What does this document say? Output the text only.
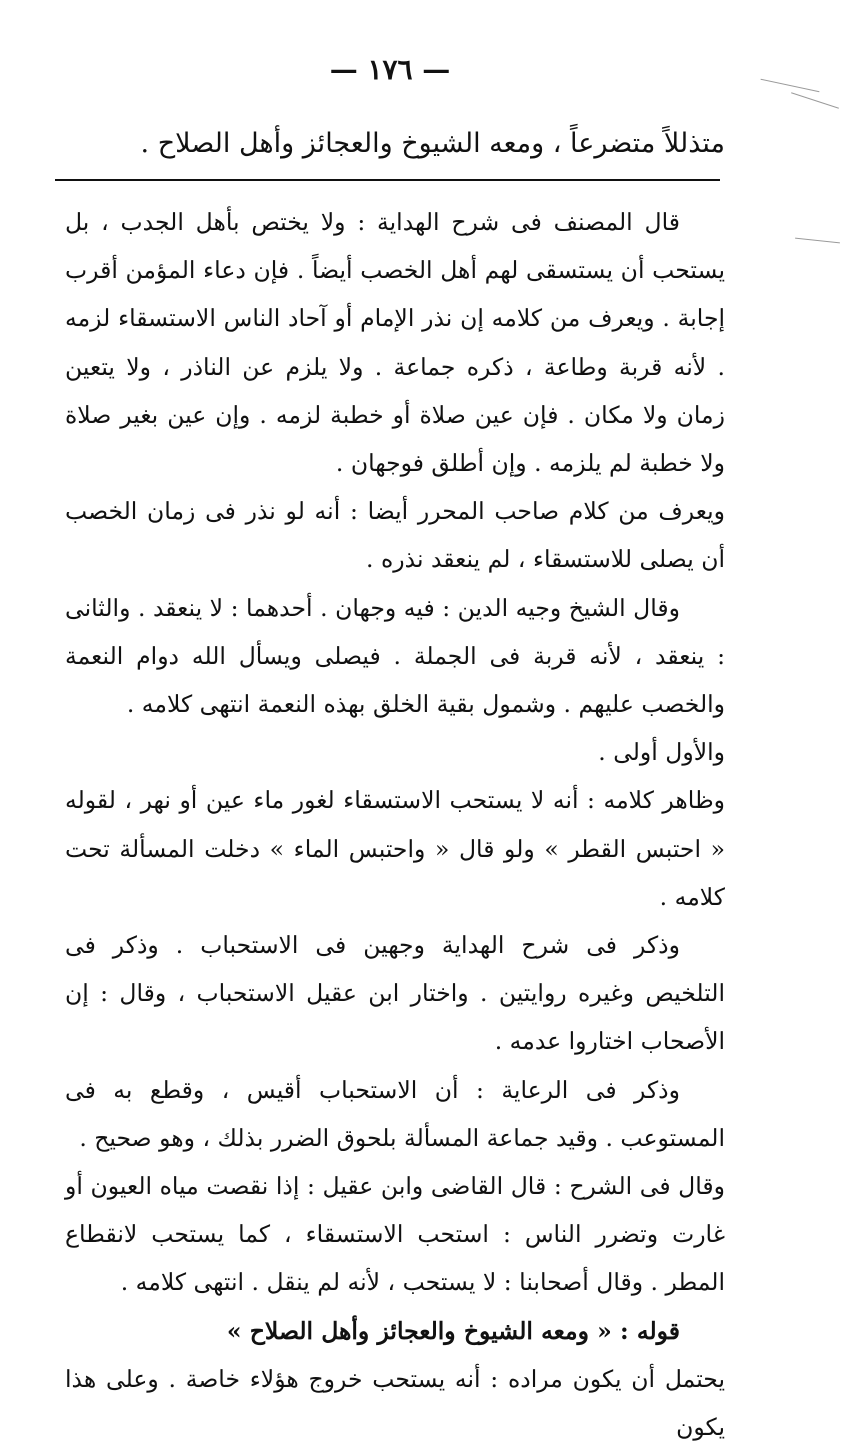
— ١٧٦ —
متذللاً متضرعاً ، ومعه الشيوخ والعجائز وأهل الصلاح .

قال المصنف فى شرح الهداية : ولا يختص بأهل الجدب ، بل يستحب أن يستسقى لهم أهل الخصب أيضاً . فإن دعاء المؤمن أقرب إجابة . ويعرف من كلامه إن نذر الإمام أو آحاد الناس الاستسقاء لزمه . لأنه قربة وطاعة ، ذكره جماعة . ولا يلزم عن الناذر ، ولا يتعين زمان ولا مكان . فإن عين صلاة أو خطبة لزمه . وإن عين بغير صلاة ولا خطبة لم يلزمه . وإن أطلق فوجهان .

ويعرف من كلام صاحب المحرر أيضا : أنه لو نذر فى زمان الخصب أن يصلى للاستسقاء ، لم ينعقد نذره .

وقال الشيخ وجيه الدين : فيه وجهان . أحدهما : لا ينعقد . والثانى : ينعقد ، لأنه قربة فى الجملة . فيصلى ويسأل الله دوام النعمة والخصب عليهم . وشمول بقية الخلق بهذه النعمة انتهى كلامه .

والأول أولى .

وظاهر كلامه : أنه لا يستحب الاستسقاء لغور ماء عين أو نهر ، لقوله « احتبس القطر » ولو قال « واحتبس الماء » دخلت المسألة تحت كلامه .

وذكر فى شرح الهداية وجهين فى الاستحباب . وذكر فى التلخيص وغيره روايتين . واختار ابن عقيل الاستحباب ، وقال : إن الأصحاب اختاروا عدمه .

وذكر فى الرعاية : أن الاستحباب أقيس ، وقطع به فى المستوعب . وقيد جماعة المسألة بلحوق الضرر بذلك ، وهو صحيح .

وقال فى الشرح : قال القاضى وابن عقيل : إذا نقصت مياه العيون أو غارت وتضرر الناس : استحب الاستسقاء ، كما يستحب لانقطاع المطر . وقال أصحابنا : لا يستحب ، لأنه لم ينقل . انتهى كلامه .

قوله : « ومعه الشيوخ والعجائز وأهل الصلاح »

يحتمل أن يكون مراده : أنه يستحب خروج هؤلاء خاصة . وعلى هذا يكون
